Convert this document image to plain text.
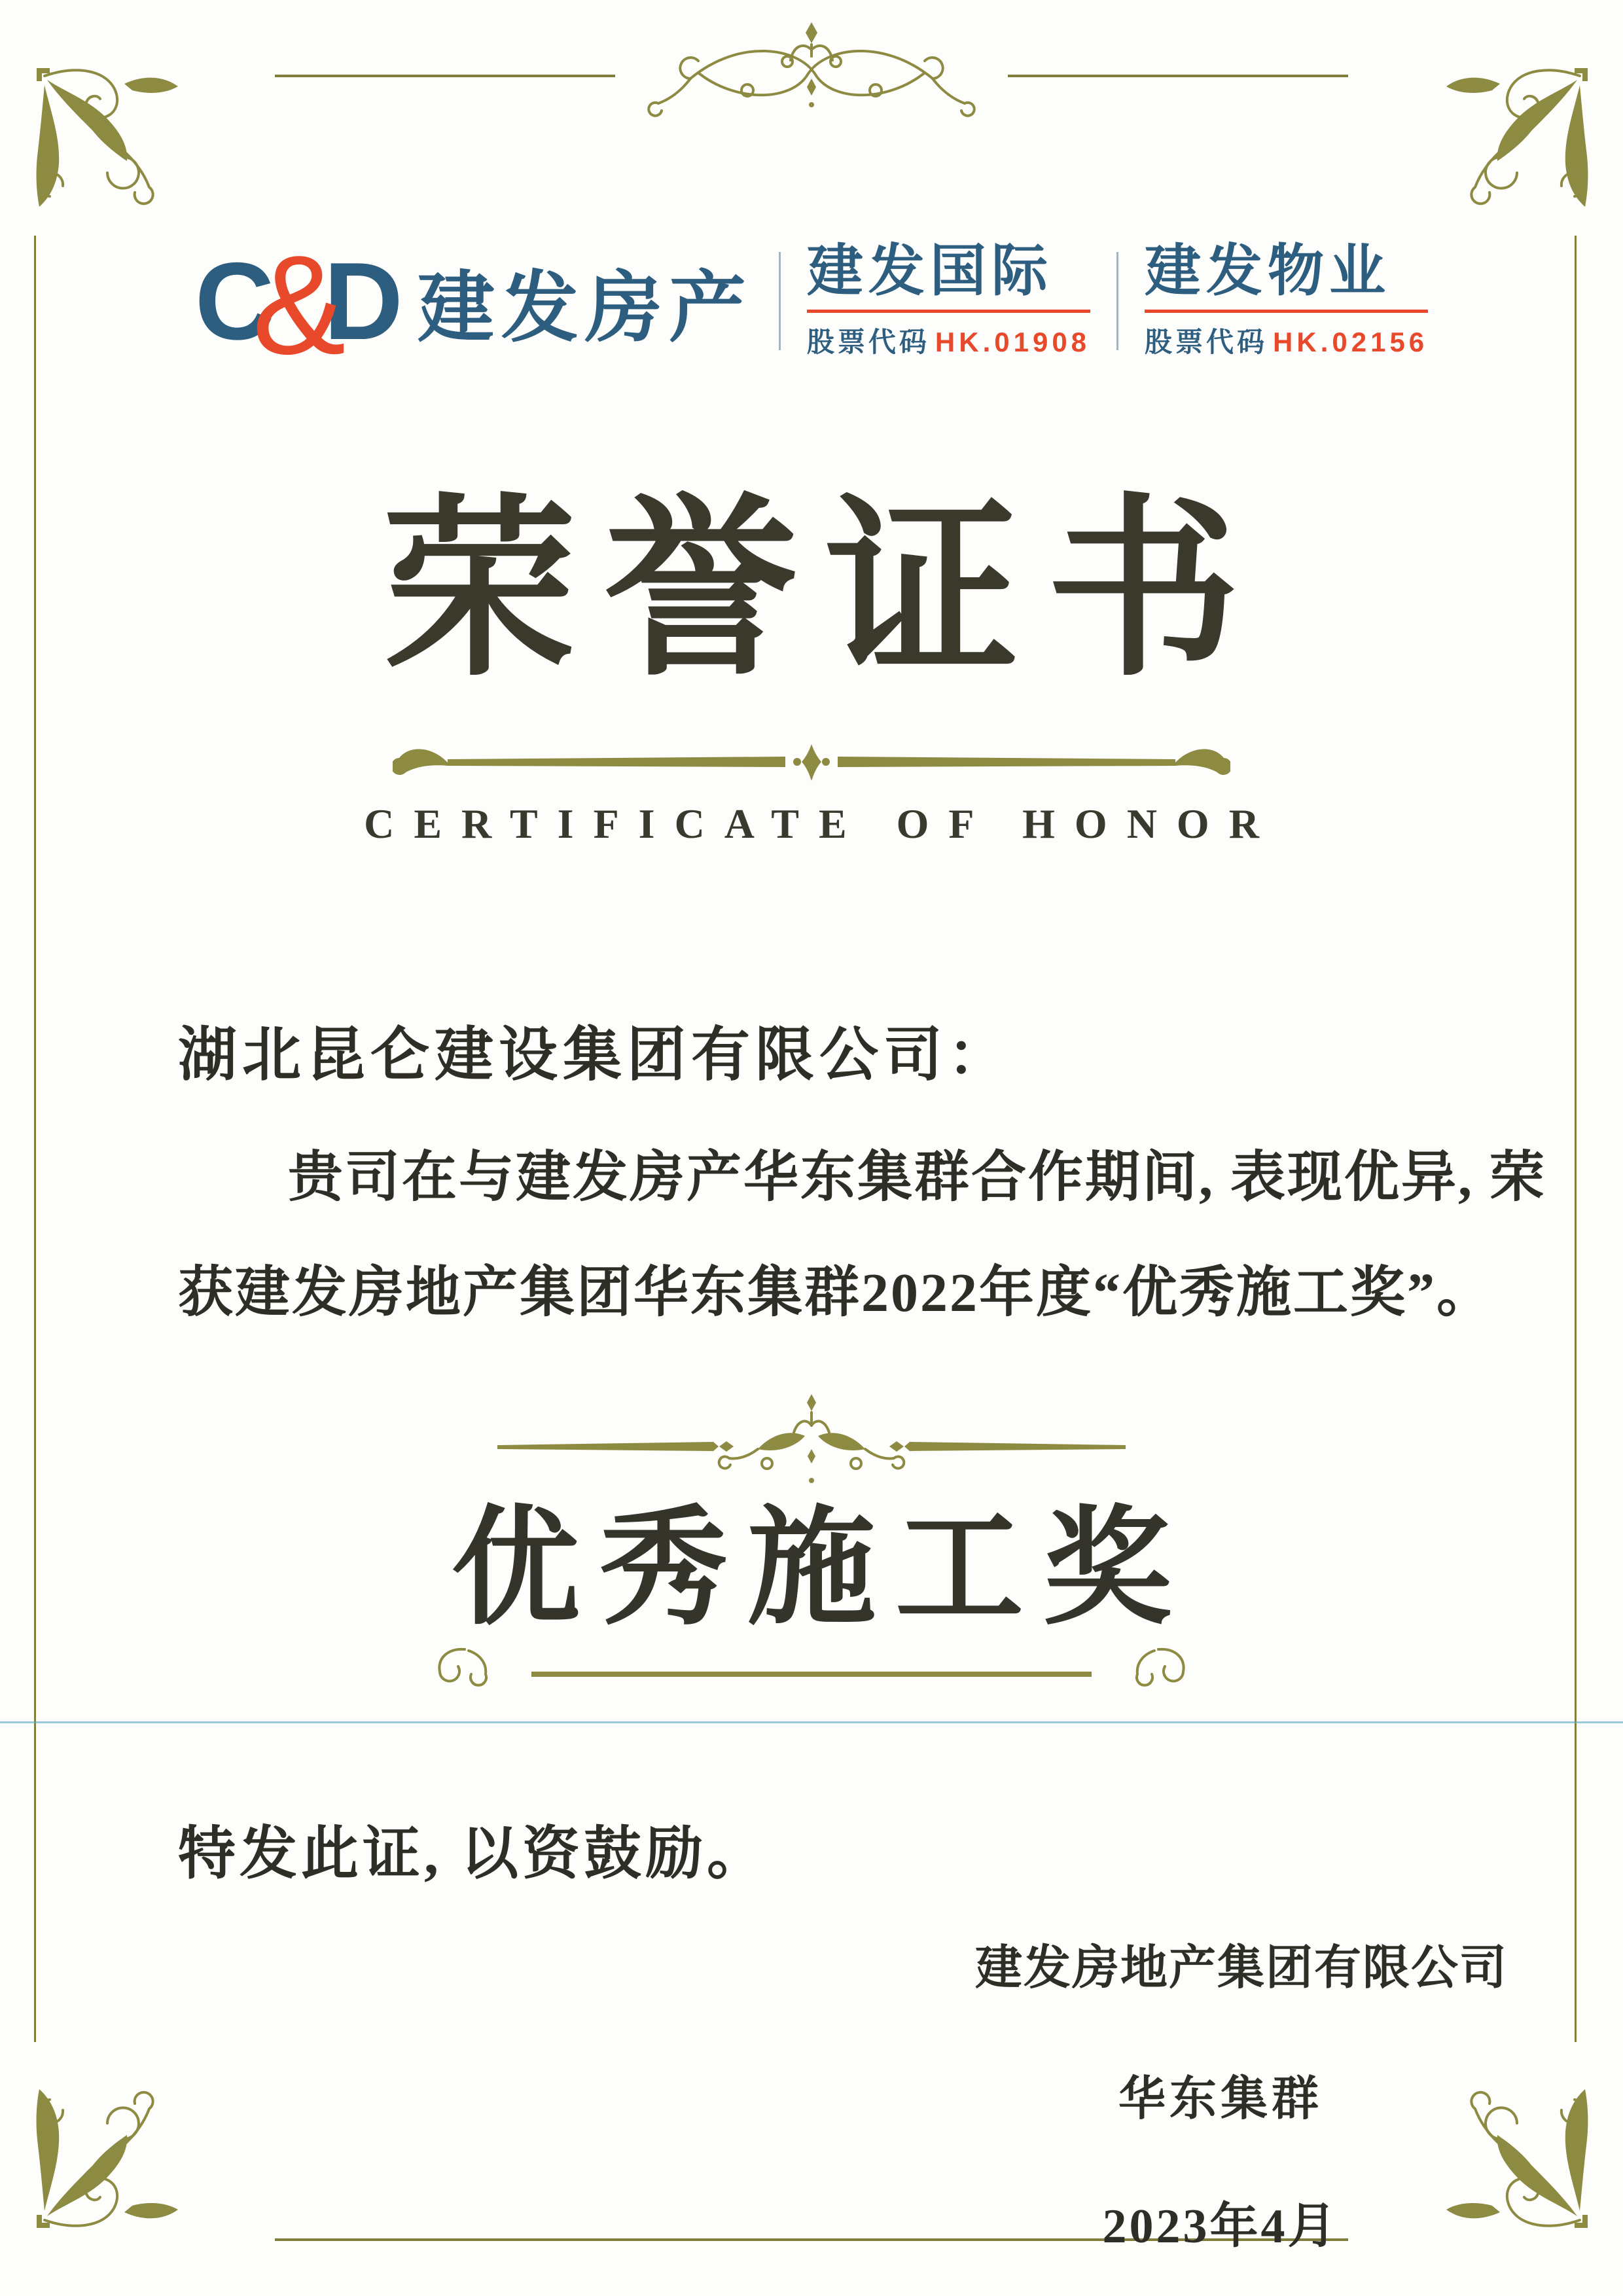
C
&
D 建发房产 建发国际
股票代码 HK.01908
建发物业
股票代码 HK.02156
荣誉证书
CERTIFICATE OF HONOR
湖北昆仑建设集团有限公司：
贵司在与建发房产华东集群合作期间, 表现优异, 荣
获建发房地产集团华东集群2022年度“优秀施工奖”。
优秀施工奖
特发此证, 以资鼓励。
建发房地产集团有限公司
华东集群
2023年4月
